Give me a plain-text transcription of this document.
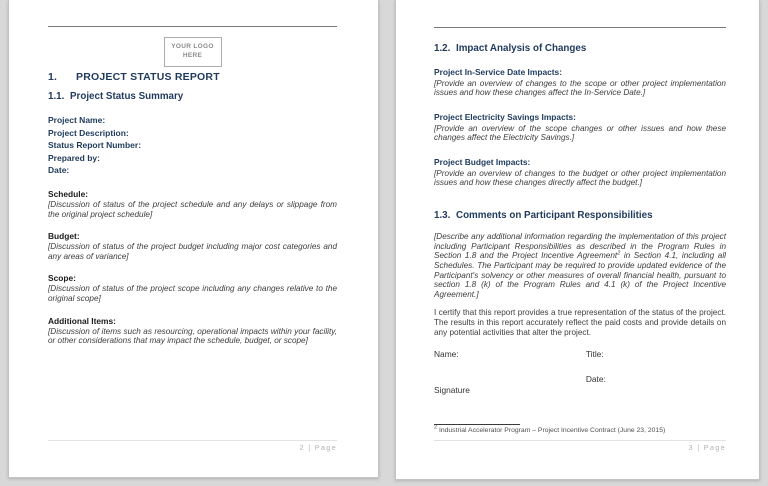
YOUR LOGO
HERE
1. PROJECT STATUS REPORT
1.1. Project Status Summary
Project Name:
Project Description:
Status Report Number:
Prepared by:
Date:
Schedule:
[Discussion of status of the project schedule and any delays or slippage from the original project schedule]
Budget:
[Discussion of status of the project budget including major cost categories and any areas of variance]
Scope:
[Discussion of status of the project scope including any changes relative to the original scope]
Additional Items:
[Discussion of items such as resourcing, operational impacts within your facility, or other considerations that may impact the schedule, budget, or scope]
2 | Page
1.2. Impact Analysis of Changes
Project In-Service Date Impacts:
[Provide an overview of changes to the scope or other project implementation issues and how these changes affect the In-Service Date.]
Project Electricity Savings Impacts:
[Provide an overview of the scope changes or other issues and how these changes affect the Electricity Savings.]
Project Budget Impacts:
[Provide an overview of changes to the budget or other project implementation issues and how these changes directly affect the budget.]
1.3. Comments on Participant Responsibilities
[Describe any additional information regarding the implementation of this project including Participant Responsibilities as described in the Program Rules in Section 1.8 and the Project Incentive Agreement$^2$ in Section 4.1, including all Schedules. The Participant may be required to provide updated evidence of the Participant's solvency or other measures of overall financial health, pursuant to section 1.8 (k) of the Program Rules and 4.1 (k) of the Project Incentive Agreement.]
I certify that this report provides a true representation of the status of the project. The results in this report accurately reflect the paid costs and provide details on any potential activities that alter the project.
Name:	Title:
Date:
Signature
$^2$ Industrial Accelerator Program – Project Incentive Contract (June 23, 2015)
3 | Page
